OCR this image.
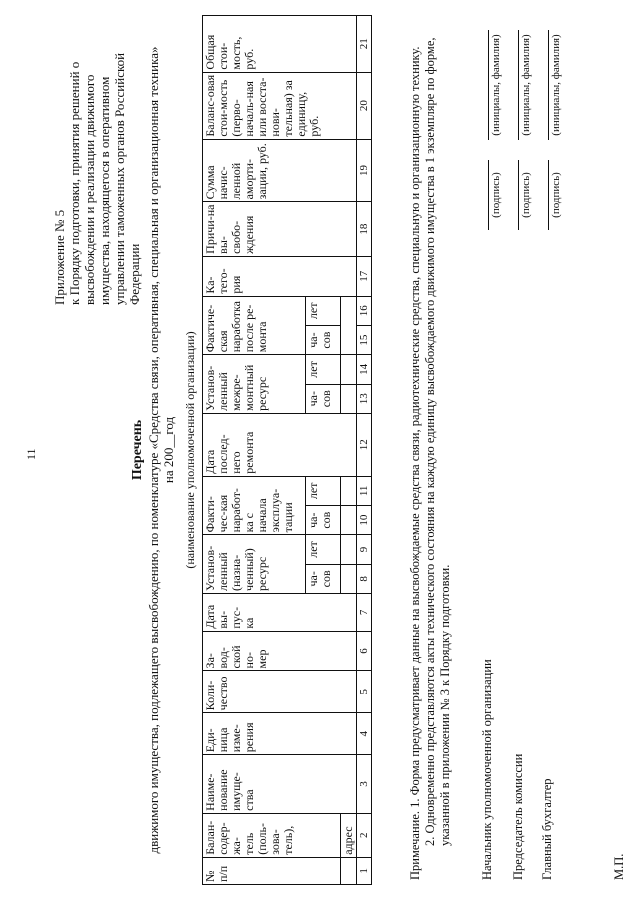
11
Приложение № 5 к Порядку подготовки, принятия решений о высвобождении и реализации движимого имущества, находящегося в оперативном управлении таможенных органов Российской Федерации
Перечень движимого имущества, подлежащего высвобождению, по номенклатуре «Средства связи, оперативная, специальная и организационная техника» на 200__год (наименование уполномоченной организации)
№ п/п	Балан-содер-жа-тель (поль-зова-тель),	Наиме-нование имуще-ства	Еди-ница изме-рения	Коли-чество	За-вод-ской но-мер	Дата вы-пус-ка	Установ-ленный (назна-ченный) ресурс		Факти-чес-кая наработ-ка с начала эксплуа-тации		Дата послед-него ремонта	Установ-ленный межре-монтный ресурс		Фактиче-ская наработка после ре-монта		Ка-тего-рия	Причи-на вы-свобо-ждения	Сумма начис-ленной аморти-зации, руб.	Баланс-овая стои-мость (перво-началь-ная или восста-нови-тельная) за единицу, руб.	Общая стои-мость, руб.
							ча-сов	лет	ча-сов	лет		ча-сов	лет	ча-сов	лет					
	адрес																			
1	2	3	4	5	6	7	8	9	10	11	12	13	14	15	16	17	18	19	20	21

Примечание. 1. Форма предусматривает данные на высвобождаемые средства связи, радиотехнические средства, специальную и организационную технику. 2. Одновременно представляются акты технического состояния на каждую единицу высвобождаемого движимого имущества в 1 экземпляре по форме, указанной в приложении № 3 к Порядку подготовки. Начальник уполномоченной организации Председатель комиссии Главный бухгалтер
(подпись)
(инициалы, фамилия)
(подпись)
(инициалы, фамилия)
(подпись)
(инициалы, фамилия)
М.П.
